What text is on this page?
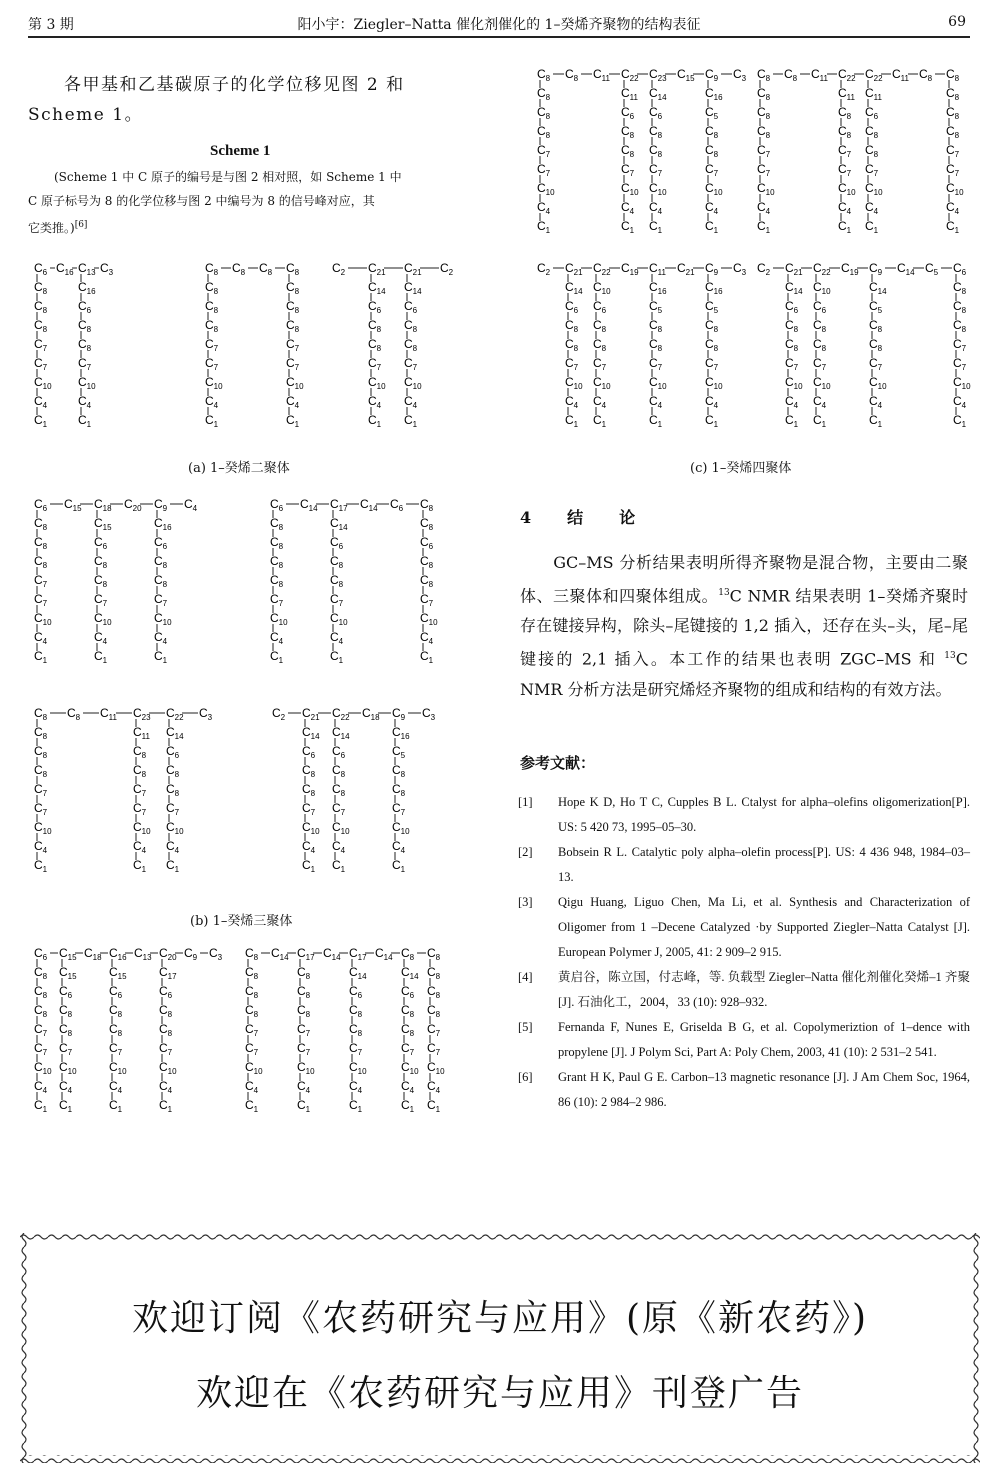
第 3 期	阳小宇：Ziegler–Natta 催化剂催化的 1–癸烯齐聚物的结构表征	69
各甲基和乙基碳原子的化学位移见图 2 和
Scheme 1。
Scheme 1
(Scheme 1 中 C 原子的编号是与图 2 相对照，如 Scheme 1 中
C 原子标号为 8 的化学位移与图 2 中编号为 8 的信号峰对应，其
它类推。)[6]
$C_6$ $C_{16}$ $C_{13}$ $C_3$
$C_8$
$C_8$
$C_8$
$C_7$
$C_7$
$C_{10}$
$C_4$
$C_1$
$C_{16}$
$C_6$
$C_8$
$C_8$
$C_7$
$C_{10}$
$C_4$
$C_1$
$C_8$ $C_8$ $C_8$ $C_8$
$C_8$
$C_8$
$C_8$
$C_7$
$C_7$
$C_{10}$
$C_4$
$C_1$
$C_8$
$C_8$
$C_8$
$C_7$
$C_7$
$C_{10}$
$C_4$
$C_1$
$C_2$ $C_{21}$ $C_{21}$ $C_2$
$C_{14}$
$C_6$
$C_8$
$C_8$
$C_7$
$C_{10}$
$C_4$
$C_1$
$C_{14}$
$C_6$
$C_8$
$C_8$
$C_7$
$C_{10}$
$C_4$
$C_1$
$C_6$ $C_{15}$ $C_{18}$ $C_{20}$ $C_9$ $C_4$
$C_8$
$C_8$
$C_8$
$C_7$
$C_7$
$C_{10}$
$C_4$
$C_1$
$C_{15}$
$C_6$
$C_8$
$C_8$
$C_7$
$C_{10}$
$C_4$
$C_1$
$C_{16}$
$C_6$
$C_8$
$C_8$
$C_7$
$C_{10}$
$C_4$
$C_1$
$C_6$ $C_{14}$ $C_{17}$ $C_{14}$ $C_6$ $C_8$
$C_8$
$C_8$
$C_8$
$C_8$
$C_7$
$C_{10}$
$C_4$
$C_1$
$C_{14}$
$C_6$
$C_8$
$C_8$
$C_7$
$C_{10}$
$C_4$
$C_1$
$C_8$
$C_6$
$C_8$
$C_8$
$C_7$
$C_{10}$
$C_4$
$C_1$
$C_8$ $C_8$ $C_{11}$ $C_{23}$ $C_{22}$ $C_3$
$C_8$
$C_8$
$C_8$
$C_7$
$C_7$
$C_{10}$
$C_4$
$C_1$
$C_{11}$
$C_8$
$C_8$
$C_7$
$C_7$
$C_{10}$
$C_4$
$C_1$
$C_{14}$
$C_6$
$C_8$
$C_8$
$C_7$
$C_{10}$
$C_4$
$C_1$
$C_2$ $C_{21}$ $C_{22}$ $C_{18}$ $C_9$ $C_3$
$C_{14}$
$C_6$
$C_8$
$C_8$
$C_7$
$C_{10}$
$C_4$
$C_1$
$C_{14}$
$C_6$
$C_8$
$C_8$
$C_7$
$C_{10}$
$C_4$
$C_1$
$C_{16}$
$C_5$
$C_8$
$C_8$
$C_7$
$C_{10}$
$C_4$
$C_1$
$C_6$ $C_{15}$ $C_{18}$ $C_{16}$ $C_{13}$ $C_{20}$ $C_9$ $C_3$
$C_8$
$C_8$
$C_8$
$C_7$
$C_7$
$C_{10}$
$C_4$
$C_1$
$C_{15}$
$C_6$
$C_8$
$C_8$
$C_7$
$C_{10}$
$C_4$
$C_1$
$C_{15}$
$C_6$
$C_8$
$C_8$
$C_7$
$C_{10}$
$C_4$
$C_1$
$C_{17}$
$C_6$
$C_8$
$C_8$
$C_7$
$C_{10}$
$C_4$
$C_1$
$C_8$ $C_{14}$ $C_{17}$ $C_{14}$ $C_{17}$ $C_{14}$ $C_8$ $C_8$
$C_8$
$C_8$
$C_8$
$C_7$
$C_7$
$C_{10}$
$C_4$
$C_1$
$C_8$
$C_8$
$C_8$
$C_7$
$C_7$
$C_{10}$
$C_4$
$C_1$
$C_{14}$
$C_6$
$C_8$
$C_8$
$C_7$
$C_{10}$
$C_4$
$C_1$
$C_{14}$
$C_6$
$C_8$
$C_8$
$C_7$
$C_{10}$
$C_4$
$C_1$
$C_8$
$C_8$
$C_8$
$C_7$
$C_7$
$C_{10}$
$C_4$
$C_1$
$C_8$ $C_8$ $C_{11}$ $C_{22}$ $C_{23}$ $C_{15}$ $C_9$ $C_3$
$C_8$
$C_8$
$C_8$
$C_7$
$C_7$
$C_{10}$
$C_4$
$C_1$
$C_{11}$
$C_6$
$C_8$
$C_8$
$C_7$
$C_{10}$
$C_4$
$C_1$
$C_{14}$
$C_6$
$C_8$
$C_8$
$C_7$
$C_{10}$
$C_4$
$C_1$
$C_{16}$
$C_5$
$C_8$
$C_8$
$C_7$
$C_{10}$
$C_4$
$C_1$
$C_8$ $C_8$ $C_{11}$ $C_{22}$ $C_{22}$ $C_{11}$ $C_8$ $C_8$
$C_8$
$C_8$
$C_8$
$C_7$
$C_7$
$C_{10}$
$C_4$
$C_1$
$C_{11}$
$C_8$
$C_8$
$C_7$
$C_7$
$C_{10}$
$C_4$
$C_1$
$C_{11}$
$C_6$
$C_8$
$C_8$
$C_7$
$C_{10}$
$C_4$
$C_1$
$C_8$
$C_8$
$C_8$
$C_7$
$C_7$
$C_{10}$
$C_4$
$C_1$
$C_2$ $C_{21}$ $C_{22}$ $C_{19}$ $C_{11}$ $C_{21}$ $C_9$ $C_3$
$C_{14}$
$C_6$
$C_8$
$C_8$
$C_7$
$C_{10}$
$C_4$
$C_1$
$C_{10}$
$C_6$
$C_8$
$C_8$
$C_7$
$C_{10}$
$C_4$
$C_1$
$C_{16}$
$C_5$
$C_8$
$C_8$
$C_7$
$C_{10}$
$C_4$
$C_1$
$C_{16}$
$C_5$
$C_8$
$C_8$
$C_7$
$C_{10}$
$C_4$
$C_1$
$C_2$ $C_{21}$ $C_{22}$ $C_{19}$ $C_9$ $C_{14}$ $C_5$ $C_6$
$C_{14}$
$C_6$
$C_8$
$C_8$
$C_7$
$C_{10}$
$C_4$
$C_1$
$C_{10}$
$C_6$
$C_8$
$C_8$
$C_7$
$C_{10}$
$C_4$
$C_1$
$C_{14}$
$C_5$
$C_8$
$C_8$
$C_7$
$C_{10}$
$C_4$
$C_1$
$C_8$
$C_8$
$C_8$
$C_7$
$C_7$
$C_{10}$
$C_4$
$C_1$
(a) 1–癸烯二聚体
(b) 1–癸烯三聚体
(c) 1–癸烯四聚体
4　结　论
　　GC–MS 分析结果表明所得齐聚物是混合物，主要由二聚体、三聚体和四聚体组成。$^{13}$C NMR 结果表明 1–癸烯齐聚时存在键接异构，除头–尾键接的 1,2 插入，还存在头–头，尾–尾键接的 2,1 插入。本工作的结果也表明 ZGC–MS 和 $^{13}$C NMR 分析方法是研究烯烃齐聚物的组成和结构的有效方法。
参考文献：
[1] Hope K D, Ho T C, Cupples B L. Ctalyst for alpha–olefins oligomerization[P]. US: 5 420 73, 1995–05–30.
[2] Bobsein R L. Catalytic poly alpha–olefin process[P]. US: 4 436 948, 1984–03–13.
[3] Qigu Huang, Liguo Chen, Ma Li, et al. Synthesis and Characterization of Oligomer from 1 –Decene Catalyzed ·by Supported Ziegler–Natta Catalyst [J]. European Polymer J, 2005, 41: 2 909–2 915.
[4] 黄启谷，陈立国，付志峰，等. 负载型 Ziegler–Natta 催化剂催化癸烯–1 齐聚[J]. 石油化工，2004，33 (10): 928–932.
[5] Fernanda F, Nunes E, Griselda B G, et al. Copolymeriztion of 1–dence with propylene [J]. J Polym Sci, Part A: Poly Chem, 2003, 41 (10): 2 531–2 541.
[6] Grant H K, Paul G E. Carbon–13 magnetic resonance [J]. J Am Chem Soc, 1964, 86 (10): 2 984–2 986.
欢迎订阅《农药研究与应用》(原《新农药》)
欢迎在《农药研究与应用》刊登广告
